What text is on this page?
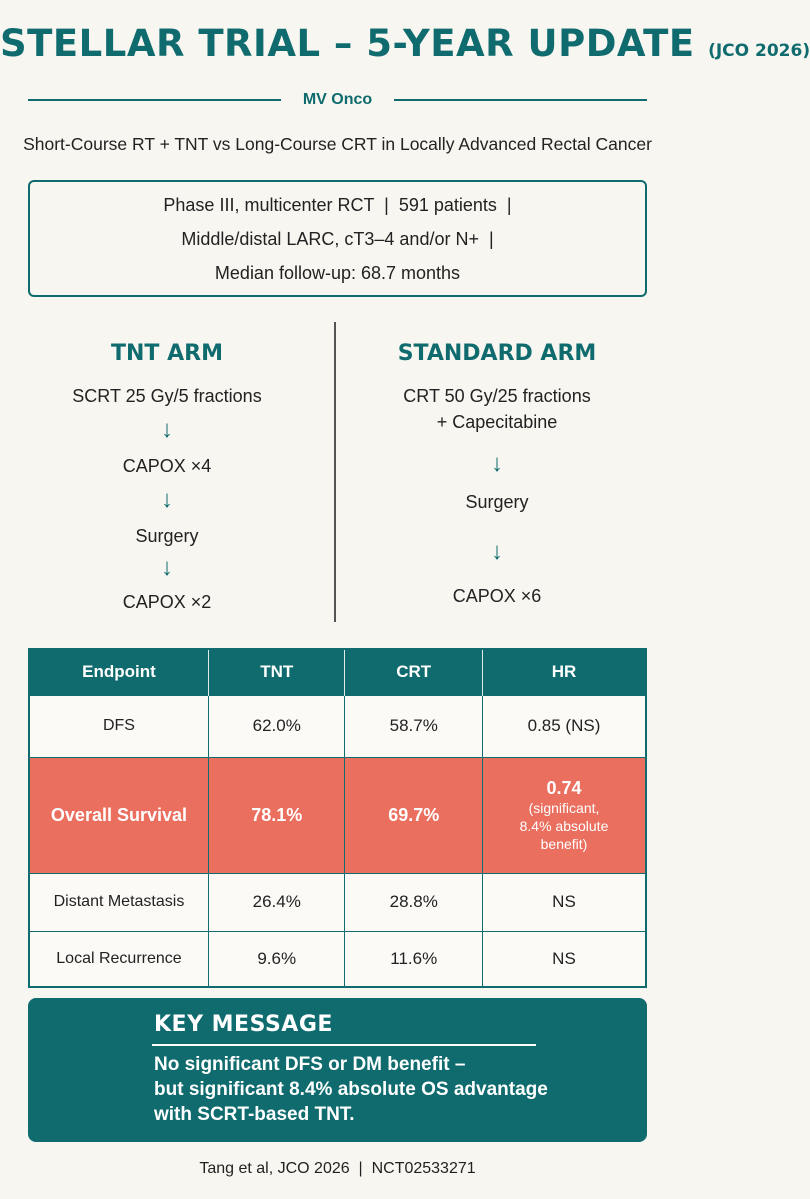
STELLAR TRIAL – 5-YEAR UPDATE (JCO 2026)
MV Onco
Short-Course RT + TNT vs Long-Course CRT in Locally Advanced Rectal Cancer
Phase III, multicenter RCT  |  591 patients  |
Middle/distal LARC, cT3–4 and/or N+  |
Median follow-up: 68.7 months
TNT ARM
SCRT 25 Gy/5 fractions
↓
CAPOX ×4
↓
Surgery
↓
CAPOX ×2
STANDARD ARM
CRT 50 Gy/25 fractions
+ Capecitabine
↓
Surgery
↓
CAPOX ×6
Endpoint	TNT	CRT	HR
DFS	62.0%	58.7%	0.85 (NS)
Overall Survival	78.1%	69.7%	0.74
(significant,
8.4% absolute
benefit)

Distant Metastasis	26.4%	28.8%	NS
Local Recurrence	9.6%	11.6%	NS
KEY MESSAGE
No significant DFS or DM benefit –
but significant 8.4% absolute OS advantage
with SCRT-based TNT.
Tang et al, JCO 2026  |  NCT02533271
